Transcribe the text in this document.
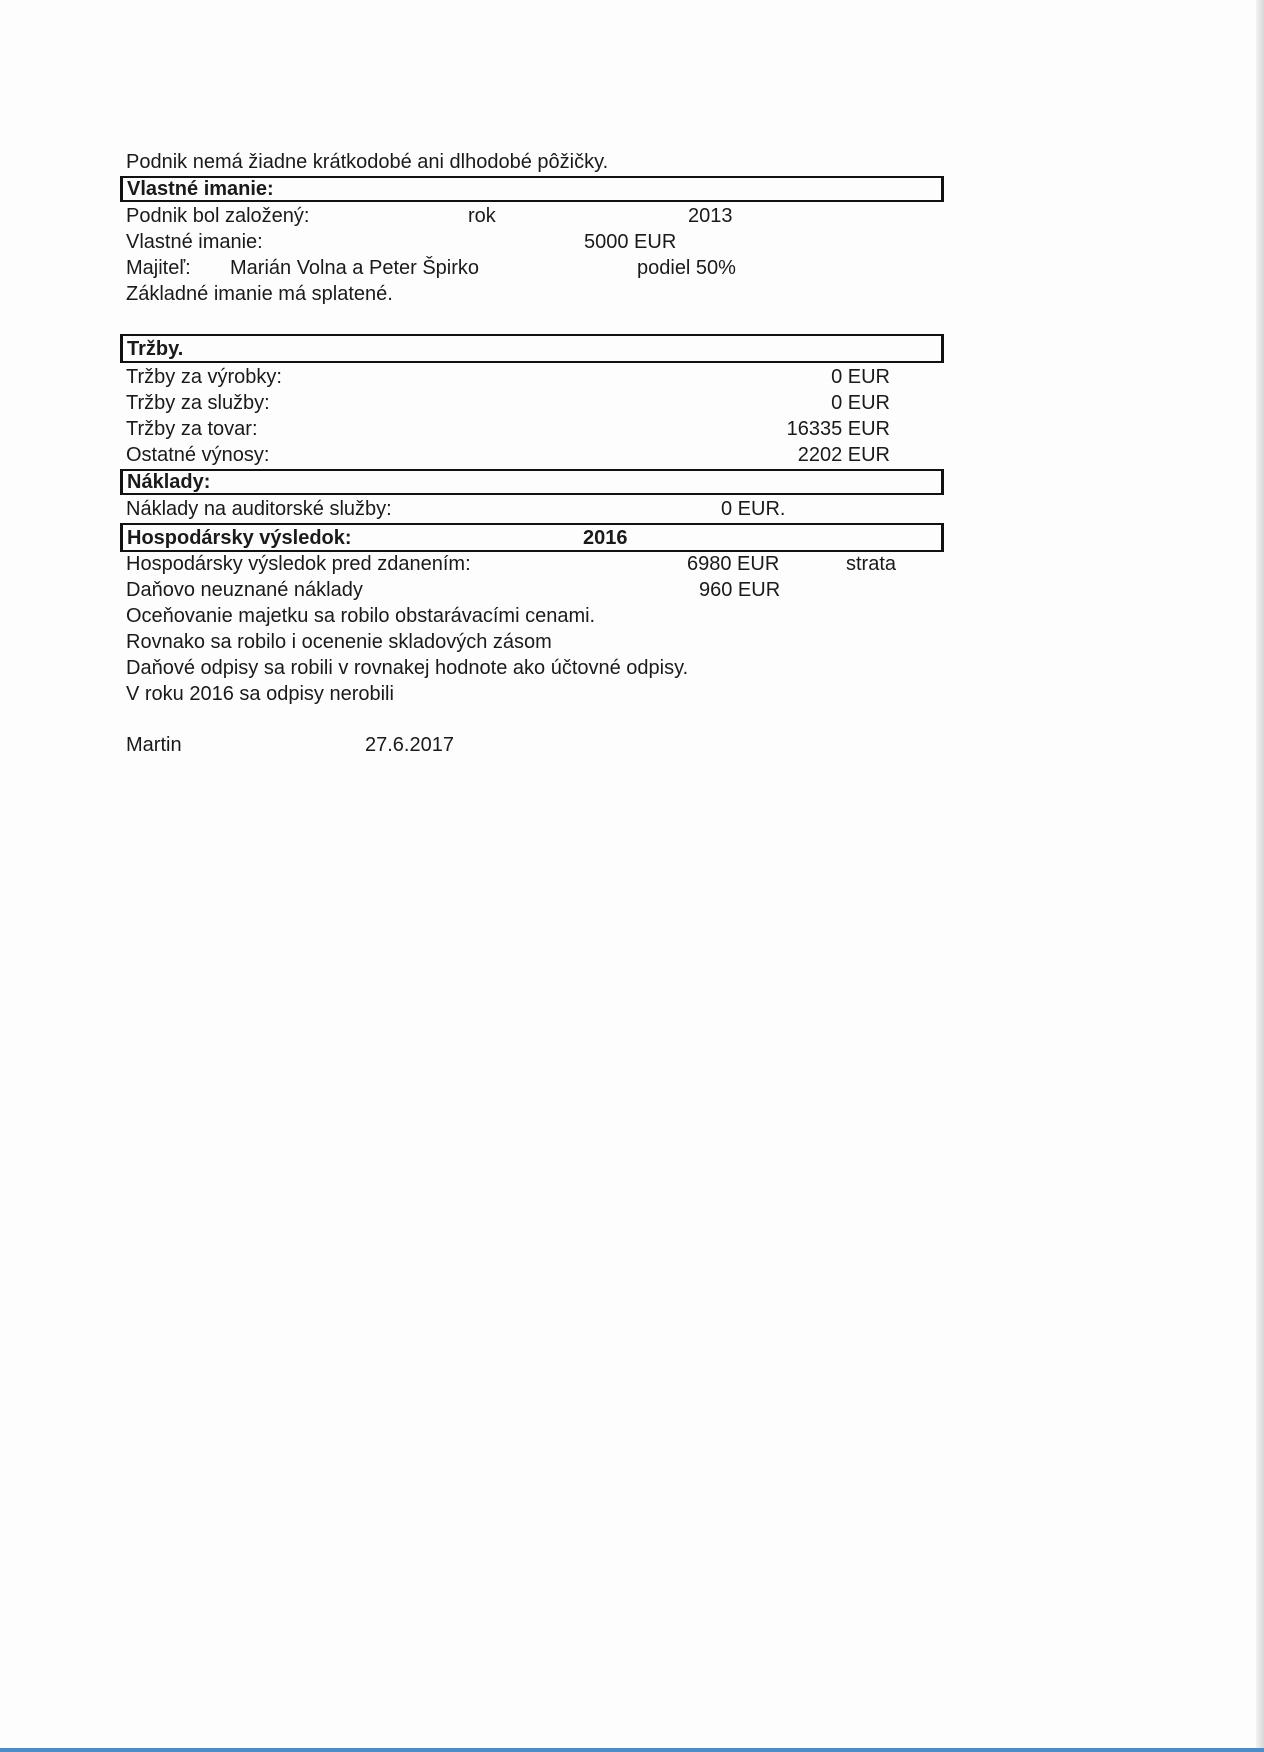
Podnik nemá žiadne krátkodobé ani dlhodobé pôžičky.
Vlastné imanie:
Podnik bol založený:	rok	2013
Vlastné imanie:	5000 EUR
Majiteľ: Marián Volna a Peter Špirko	podiel 50%
Základné imanie má splatené.
Tržby.
Tržby za výrobky:	0 EUR
Tržby za služby:	0 EUR
Tržby za tovar:	16335 EUR
Ostatné výnosy:	2202 EUR
Náklady:
Náklady na auditorské služby:	0 EUR.
Hospodársky výsledok:	2016
Hospodársky výsledok pred zdanením:	6980 EUR	strata
Daňovo neuznané náklady	960 EUR
Oceňovanie majetku sa robilo obstarávacími cenami.
Rovnako sa robilo i ocenenie skladových zásom
Daňové odpisy sa robili v rovnakej hodnote ako účtovné odpisy.
V roku 2016 sa odpisy nerobili
Martin	27.6.2017
